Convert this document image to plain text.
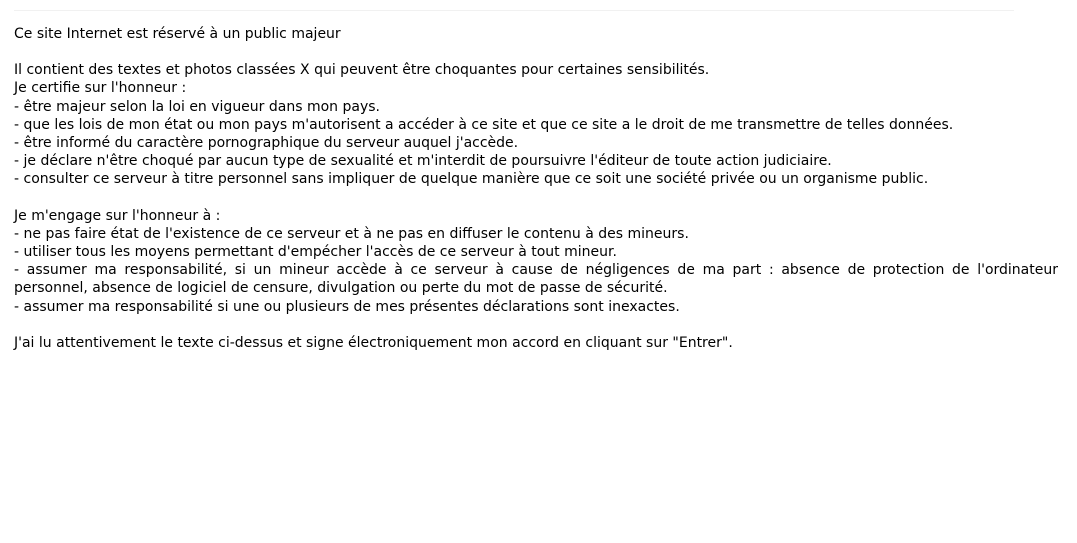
Ce site Internet est réservé à un public majeur

Il contient des textes et photos classées X qui peuvent être choquantes pour certaines sensibilités.

Je certifie sur l'honneur :

- être majeur selon la loi en vigueur dans mon pays.

- que les lois de mon état ou mon pays m'autorisent a accéder à ce site et que ce site a le droit de me transmettre de telles données.

- être informé du caractère pornographique du serveur auquel j'accède.

- je déclare n'être choqué par aucun type de sexualité et m'interdit de poursuivre l'éditeur de toute action judiciaire.

- consulter ce serveur à titre personnel sans impliquer de quelque manière que ce soit une société privée ou un organisme public.

Je m'engage sur l'honneur à :

- ne pas faire état de l'existence de ce serveur et à ne pas en diffuser le contenu à des mineurs.

- utiliser tous les moyens permettant d'empécher l'accès de ce serveur à tout mineur.

- assumer ma responsabilité, si un mineur accède à ce serveur à cause de négligences de ma part : absence de protection de l'ordinateur personnel, absence de logiciel de censure, divulgation ou perte du mot de passe de sécurité.

- assumer ma responsabilité si une ou plusieurs de mes présentes déclarations sont inexactes.

J'ai lu attentivement le texte ci-dessus et signe électroniquement mon accord en cliquant sur "Entrer".
